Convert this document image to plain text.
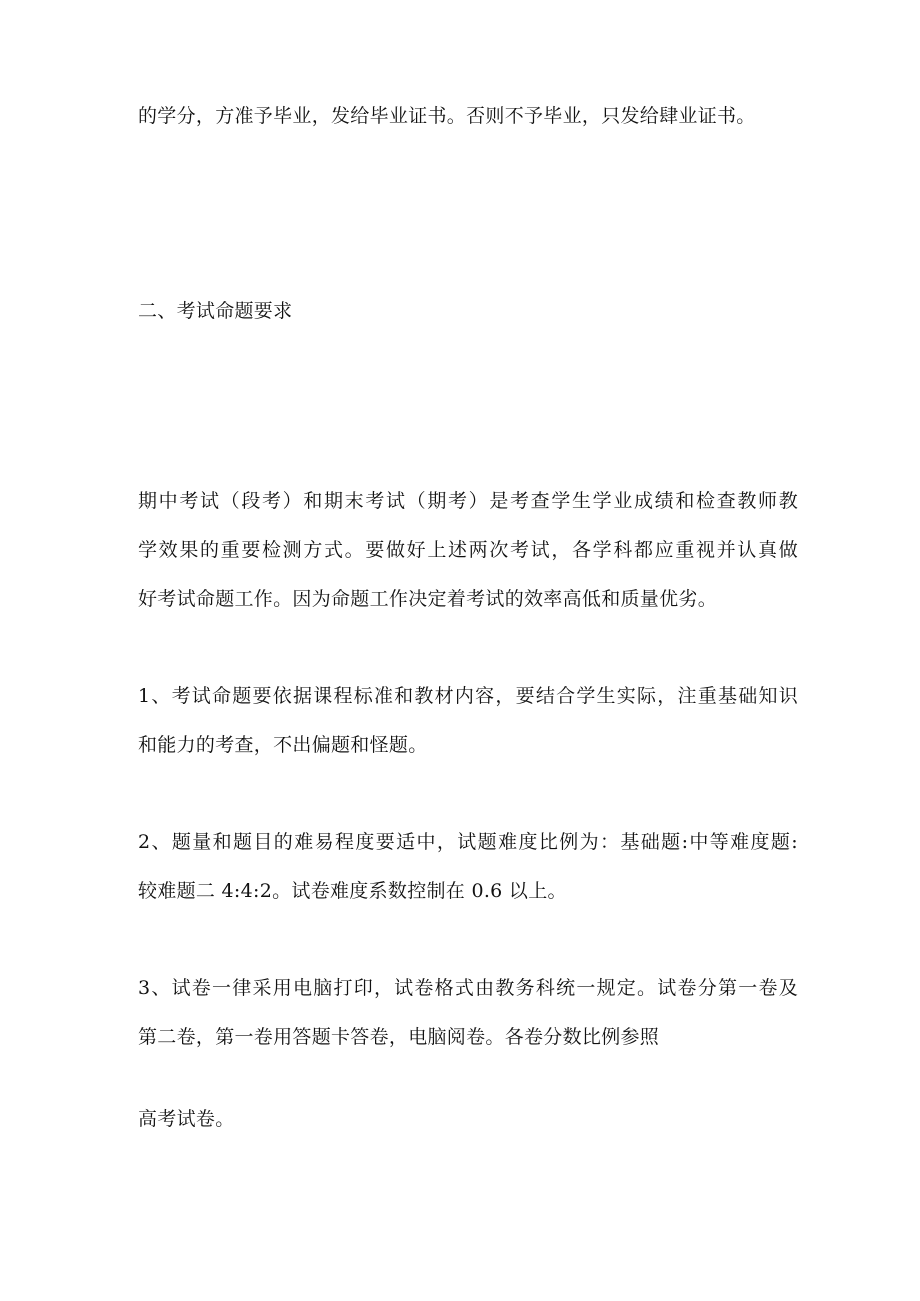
的学分，方准予毕业，发给毕业证书。否则不予毕业，只发给肆业证书。
二、考试命题要求
期中考试（段考）和期末考试（期考）是考查学生学业成绩和检查教师教
学效果的重要检测方式。要做好上述两次考试，各学科都应重视并认真做
好考试命题工作。因为命题工作决定着考试的效率高低和质量优劣。
1、考试命题要依据课程标准和教材内容，要结合学生实际，注重基础知识
和能力的考查，不出偏题和怪题。
2、题量和题目的难易程度要适中，试题难度比例为：基础题:中等难度题:
较难题二 4:4:2。试卷难度系数控制在 0.6 以上。
3、试卷一律采用电脑打印，试卷格式由教务科统一规定。试卷分第一卷及
第二卷，第一卷用答题卡答卷，电脑阅卷。各卷分数比例参照
高考试卷。
